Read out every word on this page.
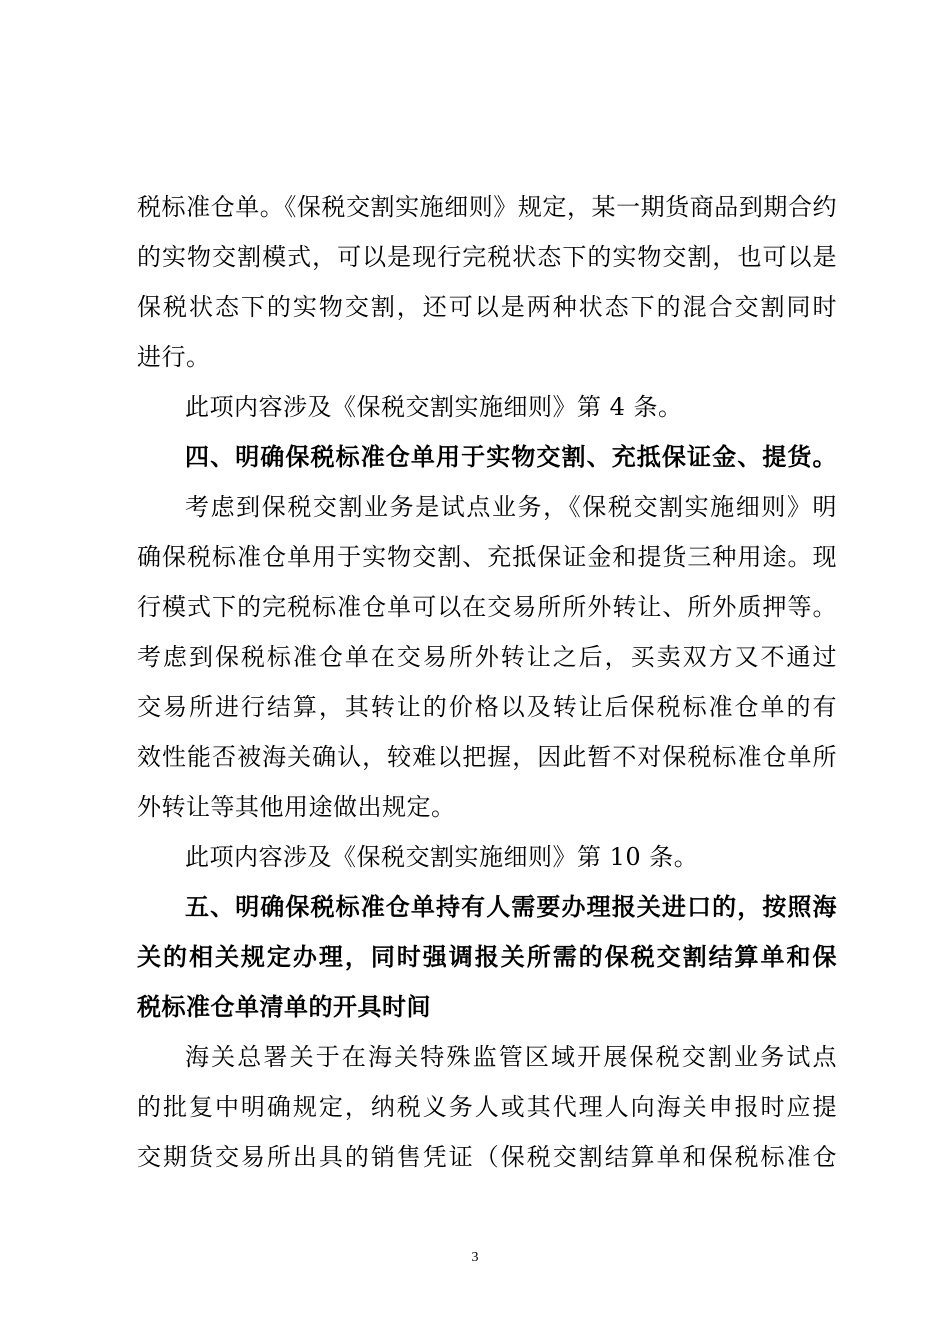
税标准仓单。《保税交割实施细则》规定，某一期货商品到期合约
的实物交割模式，可以是现行完税状态下的实物交割，也可以是
保税状态下的实物交割，还可以是两种状态下的混合交割同时
进行。
此项内容涉及《保税交割实施细则》第 4 条。
四、明确保税标准仓单用于实物交割、充抵保证金、提货。
考虑到保税交割业务是试点业务，《保税交割实施细则》明
确保税标准仓单用于实物交割、充抵保证金和提货三种用途。现
行模式下的完税标准仓单可以在交易所所外转让、所外质押等。
考虑到保税标准仓单在交易所外转让之后，买卖双方又不通过
交易所进行结算，其转让的价格以及转让后保税标准仓单的有
效性能否被海关确认，较难以把握，因此暂不对保税标准仓单所
外转让等其他用途做出规定。
此项内容涉及《保税交割实施细则》第 10 条。
五、明确保税标准仓单持有人需要办理报关进口的，按照海
关的相关规定办理，同时强调报关所需的保税交割结算单和保
税标准仓单清单的开具时间
海关总署关于在海关特殊监管区域开展保税交割业务试点
的批复中明确规定，纳税义务人或其代理人向海关申报时应提
交期货交易所出具的销售凭证（保税交割结算单和保税标准仓
3
